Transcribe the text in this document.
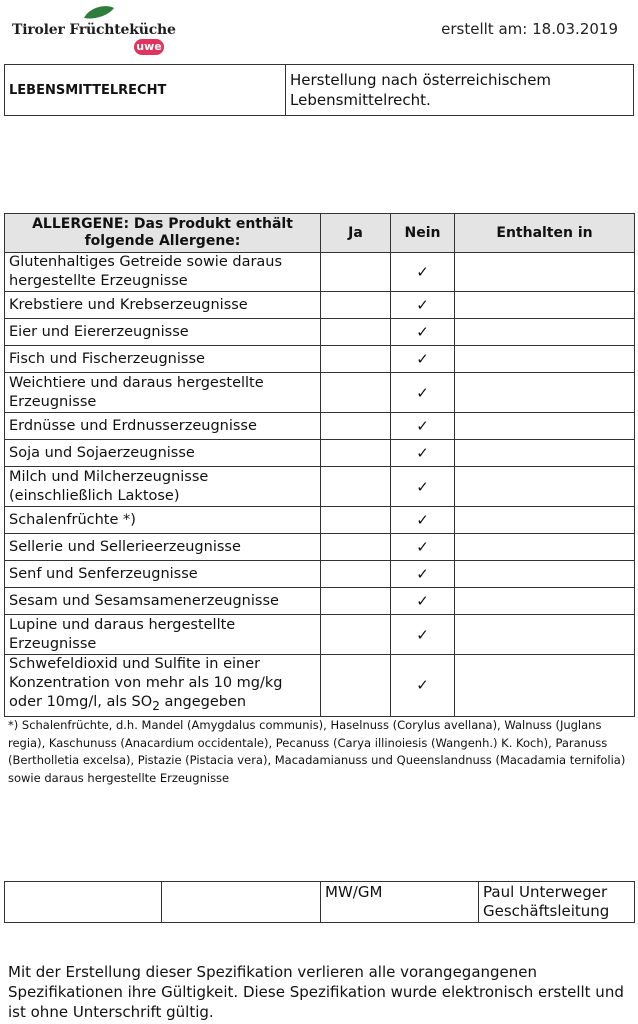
Tiroler Früchteküche
uwe
erstellt am: 18.03.2019
LEBENSMITTELRECHT	Herstellung nach österreichischem Lebensmittelrecht.
ALLERGENE: Das Produkt enthält folgende Allergene:	Ja	Nein	Enthalten in
Glutenhaltiges Getreide sowie daraus hergestellte Erzeugnisse		✓	
Krebstiere und Krebserzeugnisse		✓	
Eier und Eiererzeugnisse		✓	
Fisch und Fischerzeugnisse		✓	
Weichtiere und daraus hergestellte Erzeugnisse		✓	
Erdnüsse und Erdnusserzeugnisse		✓	
Soja und Sojaerzeugnisse		✓	
Milch und Milcherzeugnisse (einschließlich Laktose)		✓	
Schalenfrüchte *)		✓	
Sellerie und Sellerieerzeugnisse		✓	
Senf und Senferzeugnisse		✓	
Sesam und Sesamsamenerzeugnisse		✓	
Lupine und daraus hergestellte Erzeugnisse		✓	
Schwefeldioxid und Sulfite in einer Konzentration von mehr als 10 mg/kg oder 10mg/l, als $SO_2$ angegeben		✓	
*) Schalenfrüchte, d.h. Mandel (Amygdalus communis), Haselnuss (Corylus avellana), Walnuss (Juglans regia), Kaschunuss (Anacardium occidentale), Pecanuss (Carya illinoiesis (Wangenh.) K. Koch), Paranuss (Bertholletia excelsa), Pistazie (Pistacia vera), Macadamianuss und Queenslandnuss (Macadamia ternifolia) sowie daraus hergestellte Erzeugnisse
		MW/GM	Paul Unterweger
Geschäftsleitung
Mit der Erstellung dieser Spezifikation verlieren alle vorangegangenen Spezifikationen ihre Gültigkeit. Diese Spezifikation wurde elektronisch erstellt und ist ohne Unterschrift gültig.
